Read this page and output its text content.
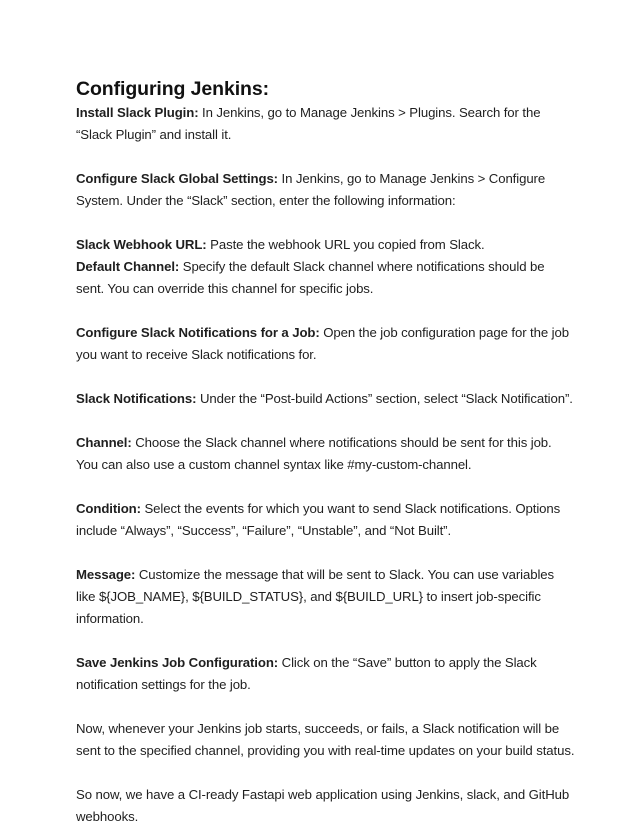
Configuring Jenkins:

Install Slack Plugin: In Jenkins, go to Manage Jenkins > Plugins. Search for the “Slack Plugin” and install it.

Configure Slack Global Settings: In Jenkins, go to Manage Jenkins > Configure System. Under the “Slack” section, enter the following information:

Slack Webhook URL: Paste the webhook URL you copied from Slack.

Default Channel: Specify the default Slack channel where notifications should be sent. You can override this channel for specific jobs.

Configure Slack Notifications for a Job: Open the job configuration page for the job you want to receive Slack notifications for.

Slack Notifications: Under the “Post-build Actions” section, select “Slack Notification”.

Channel: Choose the Slack channel where notifications should be sent for this job. You can also use a custom channel syntax like #my-custom-channel.

Condition: Select the events for which you want to send Slack notifications. Options include “Always”, “Success”, “Failure”, “Unstable”, and “Not Built”.

Message: Customize the message that will be sent to Slack. You can use variables like ${JOB_NAME}, ${BUILD_STATUS}, and ${BUILD_URL} to insert job-specific information.

Save Jenkins Job Configuration: Click on the “Save” button to apply the Slack notification settings for the job.

Now, whenever your Jenkins job starts, succeeds, or fails, a Slack notification will be sent to the specified channel, providing you with real-time updates on your build status.

So now, we have a CI-ready Fastapi web application using Jenkins, slack, and GitHub webhooks.
